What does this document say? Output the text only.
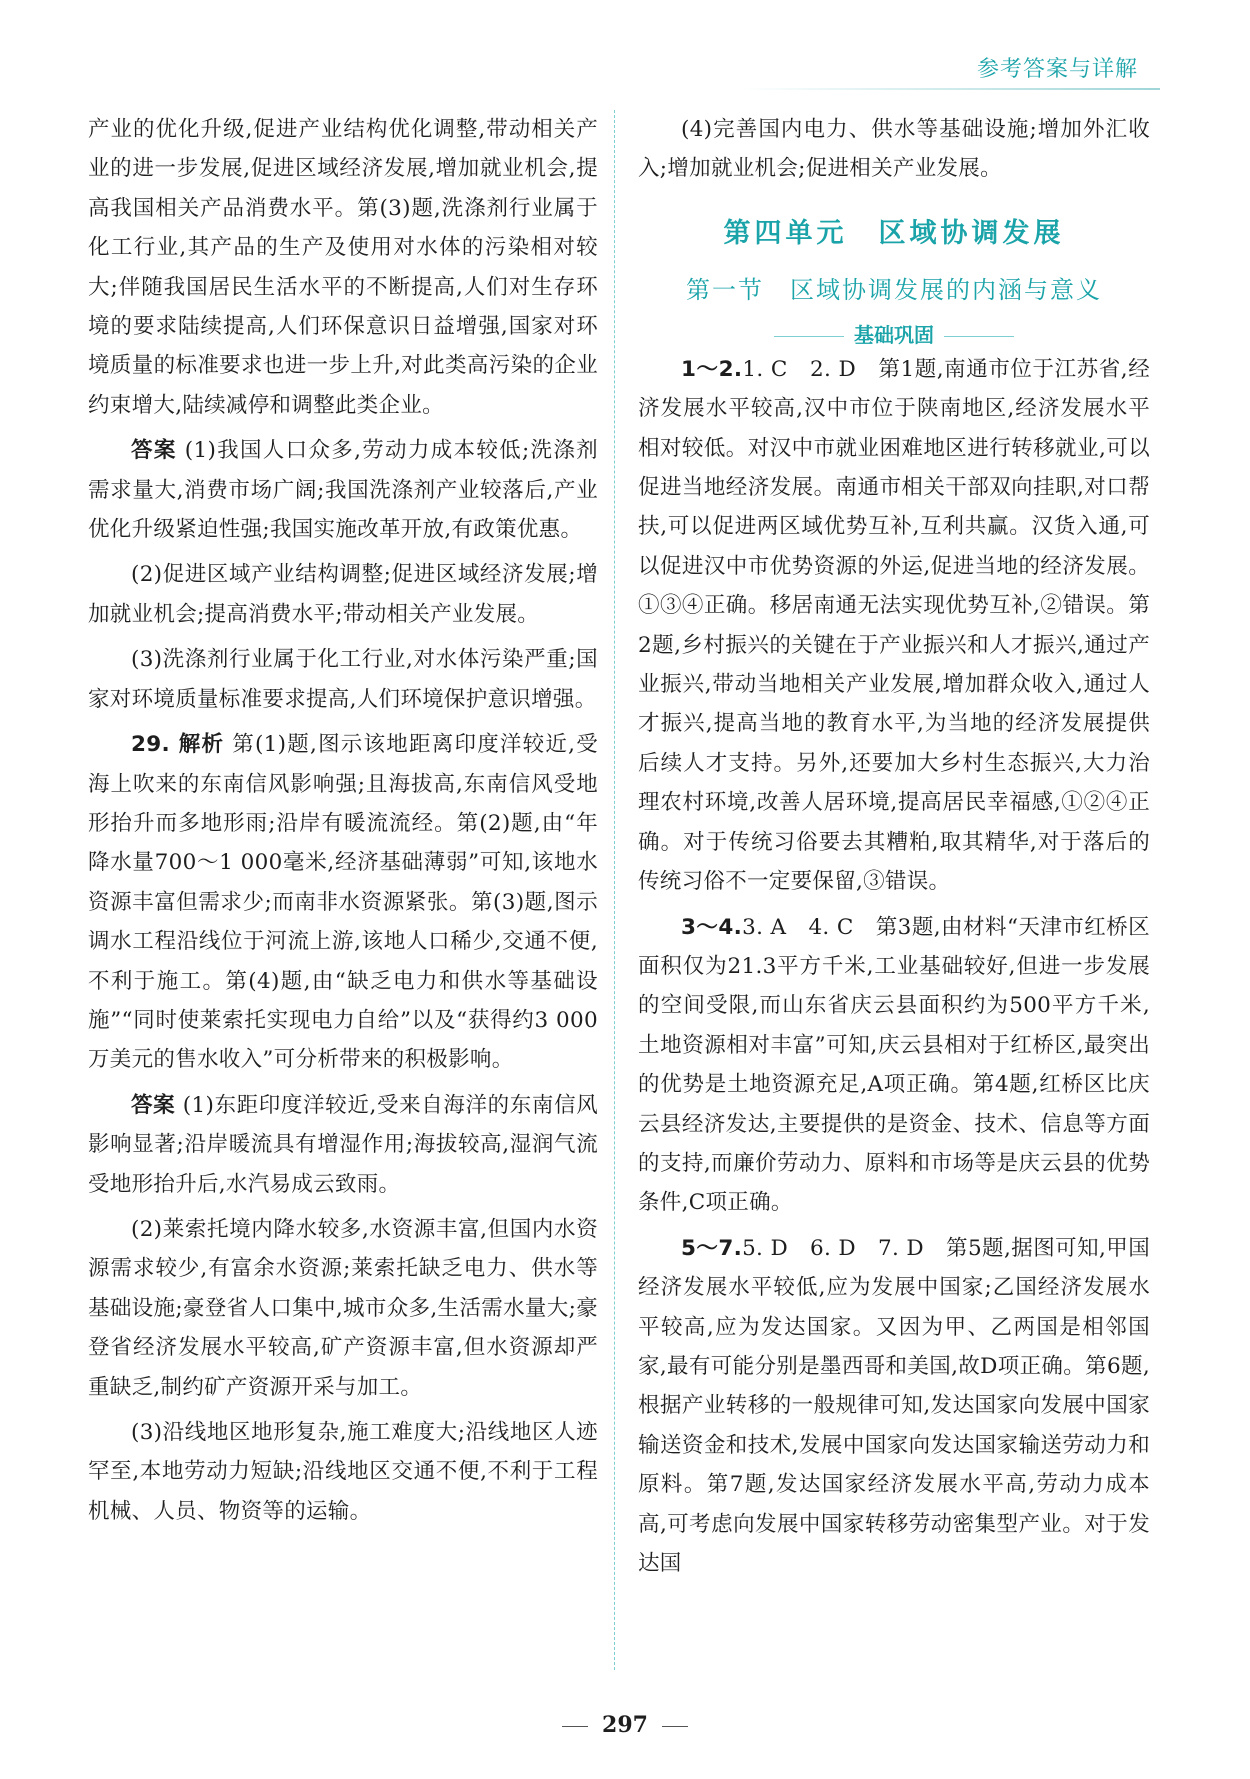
参考答案与详解

产业的优化升级,促进产业结构优化调整,带动相关产业的进一步发展,促进区域经济发展,增加就业机会,提高我国相关产品消费水平。第(3)题,洗涤剂行业属于化工行业,其产品的生产及使用对水体的污染相对较大;伴随我国居民生活水平的不断提高,人们对生存环境的要求陆续提高,人们环保意识日益增强,国家对环境质量的标准要求也进一步上升,对此类高污染的企业约束增大,陆续减停和调整此类企业。

答案 (1)我国人口众多,劳动力成本较低;洗涤剂需求量大,消费市场广阔;我国洗涤剂产业较落后,产业优化升级紧迫性强;我国实施改革开放,有政策优惠。

(2)促进区域产业结构调整;促进区域经济发展;增加就业机会;提高消费水平;带动相关产业发展。

(3)洗涤剂行业属于化工行业,对水体污染严重;国家对环境质量标准要求提高,人们环境保护意识增强。

29. 解析 第(1)题,图示该地距离印度洋较近,受海上吹来的东南信风影响强;且海拔高,东南信风受地形抬升而多地形雨;沿岸有暖流流经。第(2)题,由“年降水量700～1 000毫米,经济基础薄弱”可知,该地水资源丰富但需求少;而南非水资源紧张。第(3)题,图示调水工程沿线位于河流上游,该地人口稀少,交通不便,不利于施工。第(4)题,由“缺乏电力和供水等基础设施”“同时使莱索托实现电力自给”以及“获得约3 000万美元的售水收入”可分析带来的积极影响。

答案 (1)东距印度洋较近,受来自海洋的东南信风影响显著;沿岸暖流具有增湿作用;海拔较高,湿润气流受地形抬升后,水汽易成云致雨。

(2)莱索托境内降水较多,水资源丰富,但国内水资源需求较少,有富余水资源;莱索托缺乏电力、供水等基础设施;豪登省人口集中,城市众多,生活需水量大;豪登省经济发展水平较高,矿产资源丰富,但水资源却严重缺乏,制约矿产资源开采与加工。

(3)沿线地区地形复杂,施工难度大;沿线地区人迹罕至,本地劳动力短缺;沿线地区交通不便,不利于工程机械、人员、物资等的运输。

(4)完善国内电力、供水等基础设施;增加外汇收入;增加就业机会;促进相关产业发展。

第四单元　区域协调发展
第一节　区域协调发展的内涵与意义
基础巩固

1～2.1. C　2. D　第1题,南通市位于江苏省,经济发展水平较高,汉中市位于陕南地区,经济发展水平相对较低。对汉中市就业困难地区进行转移就业,可以促进当地经济发展。南通市相关干部双向挂职,对口帮扶,可以促进两区域优势互补,互利共赢。汉货入通,可以促进汉中市优势资源的外运,促进当地的经济发展。①③④正确。移居南通无法实现优势互补,②错误。第2题,乡村振兴的关键在于产业振兴和人才振兴,通过产业振兴,带动当地相关产业发展,增加群众收入,通过人才振兴,提高当地的教育水平,为当地的经济发展提供后续人才支持。另外,还要加大乡村生态振兴,大力治理农村环境,改善人居环境,提高居民幸福感,①②④正确。对于传统习俗要去其糟粕,取其精华,对于落后的传统习俗不一定要保留,③错误。

3～4.3. A　4. C　第3题,由材料“天津市红桥区面积仅为21.3平方千米,工业基础较好,但进一步发展的空间受限,而山东省庆云县面积约为500平方千米,土地资源相对丰富”可知,庆云县相对于红桥区,最突出的优势是土地资源充足,A项正确。第4题,红桥区比庆云县经济发达,主要提供的是资金、技术、信息等方面的支持,而廉价劳动力、原料和市场等是庆云县的优势条件,C项正确。

5～7.5. D　6. D　7. D　第5题,据图可知,甲国经济发展水平较低,应为发展中国家;乙国经济发展水平较高,应为发达国家。又因为甲、乙两国是相邻国家,最有可能分别是墨西哥和美国,故D项正确。第6题,根据产业转移的一般规律可知,发达国家向发展中国家输送资金和技术,发展中国家向发达国家输送劳动力和原料。第7题,发达国家经济发展水平高,劳动力成本高,可考虑向发展中国家转移劳动密集型产业。对于发达国

297
